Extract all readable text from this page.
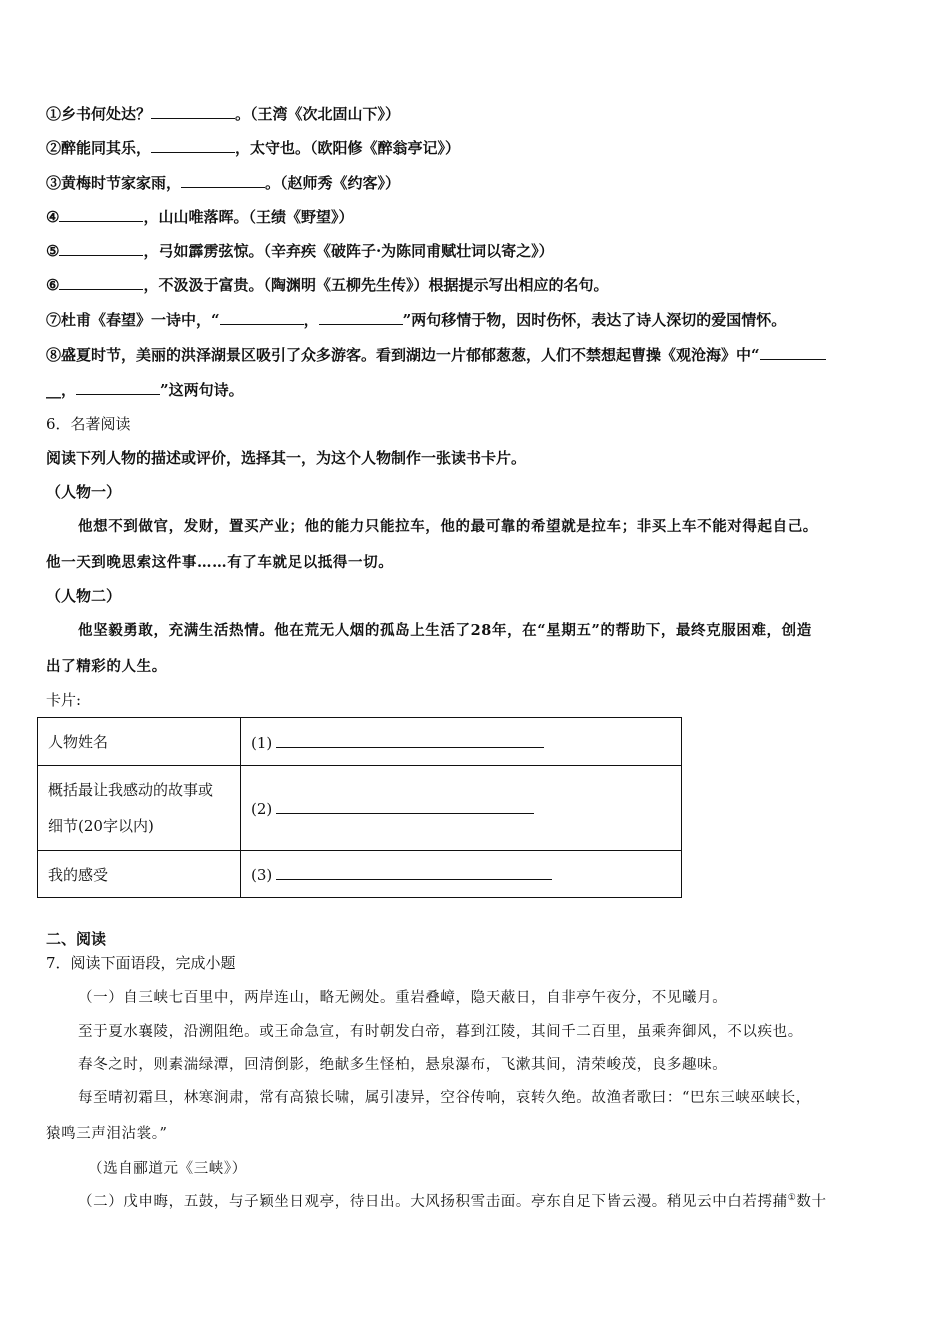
①乡书何处达？	。（王湾《次北固山下》）
②醉能同其乐，	，太守也。（欧阳修《醉翁亭记》）
③黄梅时节家家雨，	。（赵师秀《约客》）
④	，山山唯落晖。（王绩《野望》）
⑤	，弓如霹雳弦惊。（辛弃疾《破阵子·为陈同甫赋壮词以寄之》）
⑥	，不汲汲于富贵。（陶渊明《五柳先生传》）根据提示写出相应的名句。
⑦杜甫《春望》一诗中，“	，	”两句移情于物，因时伤怀，表达了诗人深切的爱国情怀。
⑧盛夏时节，美丽的洪泽湖景区吸引了众多游客。看到湖边一片郁郁葱葱，人们不禁想起曹操《观沧海》中“
__，	”这两句诗。
6．名著阅读
阅读下列人物的描述或评价，选择其一，为这个人物制作一张读书卡片。
（人物一）
他想不到做官，发财，置买产业；他的能力只能拉车，他的最可靠的希望就是拉车；非买上车不能对得起自己。
他一天到晚思索这件事……有了车就足以抵得一切。
（人物二）
他坚毅勇敢，充满生活热情。他在荒无人烟的孤岛上生活了28年，在“星期五”的帮助下，最终克服困难，创造
出了精彩的人生。
卡片:
人物姓名	(1)
概括最让我感动的故事或
细节(20字以内)	(2)
我的感受	(3)
二、阅读
7．阅读下面语段，完成小题
（一）自三峡七百里中，两岸连山，略无阙处。重岩叠嶂，隐天蔽日，自非亭午夜分，不见曦月。
至于夏水襄陵，沿溯阻绝。或王命急宣，有时朝发白帝，暮到江陵，其间千二百里，虽乘奔御风，不以疾也。
春冬之时，则素湍绿潭，回清倒影，绝献多生怪柏，悬泉瀑布，飞漱其间，清荣峻茂，良多趣味。
每至晴初霜旦，林寒涧肃，常有高猿长啸，属引凄异，空谷传响，哀转久绝。故渔者歌曰：“巴东三峡巫峡长，
猿鸣三声泪沾裳。”
（选自郦道元《三峡》）
（二）戊申晦，五鼓，与子颖坐日观亭，待日出。大风扬积雪击面。亭东自足下皆云漫。稍见云中白若摴蒱①数十
